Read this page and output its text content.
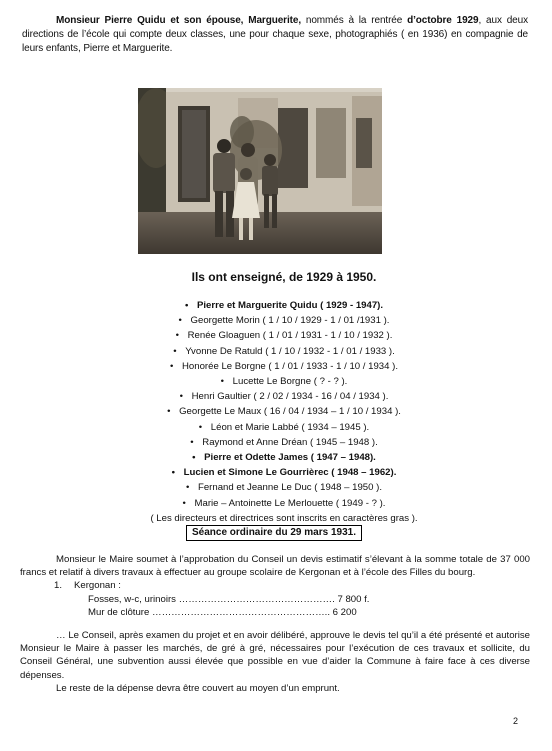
Monsieur Pierre Quidu et son épouse, Marguerite, nommés à la rentrée d’octobre 1929, aux deux directions de l’école qui compte deux classes, une pour chaque sexe, photographiés ( en 1936) en compagnie de leurs enfants, Pierre et Marguerite.
Ils ont enseigné, de 1929 à 1950.
• Pierre et Marguerite Quidu ( 1929 - 1947).
• Georgette Morin ( 1 / 10 / 1929 - 1 / 01 /1931 ).
• Renée Gloaguen ( 1 / 01 / 1931 - 1 / 10 / 1932 ).
• Yvonne De Ratuld ( 1 / 10 / 1932 - 1 / 01 / 1933 ).
• Honorée Le Borgne ( 1 / 01 / 1933 - 1 / 10 / 1934 ).
• Lucette Le Borgne ( ? - ? ).
• Henri Gaultier ( 2 / 02 / 1934 - 16 / 04 / 1934 ).
• Georgette Le Maux ( 16 / 04 / 1934 – 1 / 10 / 1934 ).
• Léon et Marie Labbé ( 1934 – 1945 ).
• Raymond et Anne Dréan ( 1945 – 1948 ).
• Pierre et Odette James ( 1947 – 1948).
• Lucien et Simone Le Gourrièrec ( 1948 – 1962).
• Fernand et Jeanne Le Duc ( 1948 – 1950 ).
• Marie – Antoinette Le Merlouette ( 1949 - ? ).
( Les directeurs et directrices sont inscrits en caractères gras ).
Séance ordinaire du 29 mars 1931.

Monsieur le Maire soumet à l’approbation du Conseil un devis estimatif s’élevant à la somme totale de 37 000 francs et relatif à divers travaux à effectuer au groupe scolaire de Kergonan et à l’école des Filles du bourg.

1. Kergonan :

Fosses, w-c, urinoirs …………………………………………. 7 800 f.

Mur de clôture ……………………………………………….. 6 200

… Le Conseil, après examen du projet et en avoir délibéré, approuve le devis tel qu’il a été présenté et autorise Monsieur le Maire à passer les marchés, de gré à gré, nécessaires pour l’exécution de ces travaux et sollicite, du Conseil Général, une subvention aussi élevée que possible en vue d’aider la Commune à faire face à ces diverse dépenses.

Le reste de la dépense devra être couvert au moyen d’un emprunt.

2
